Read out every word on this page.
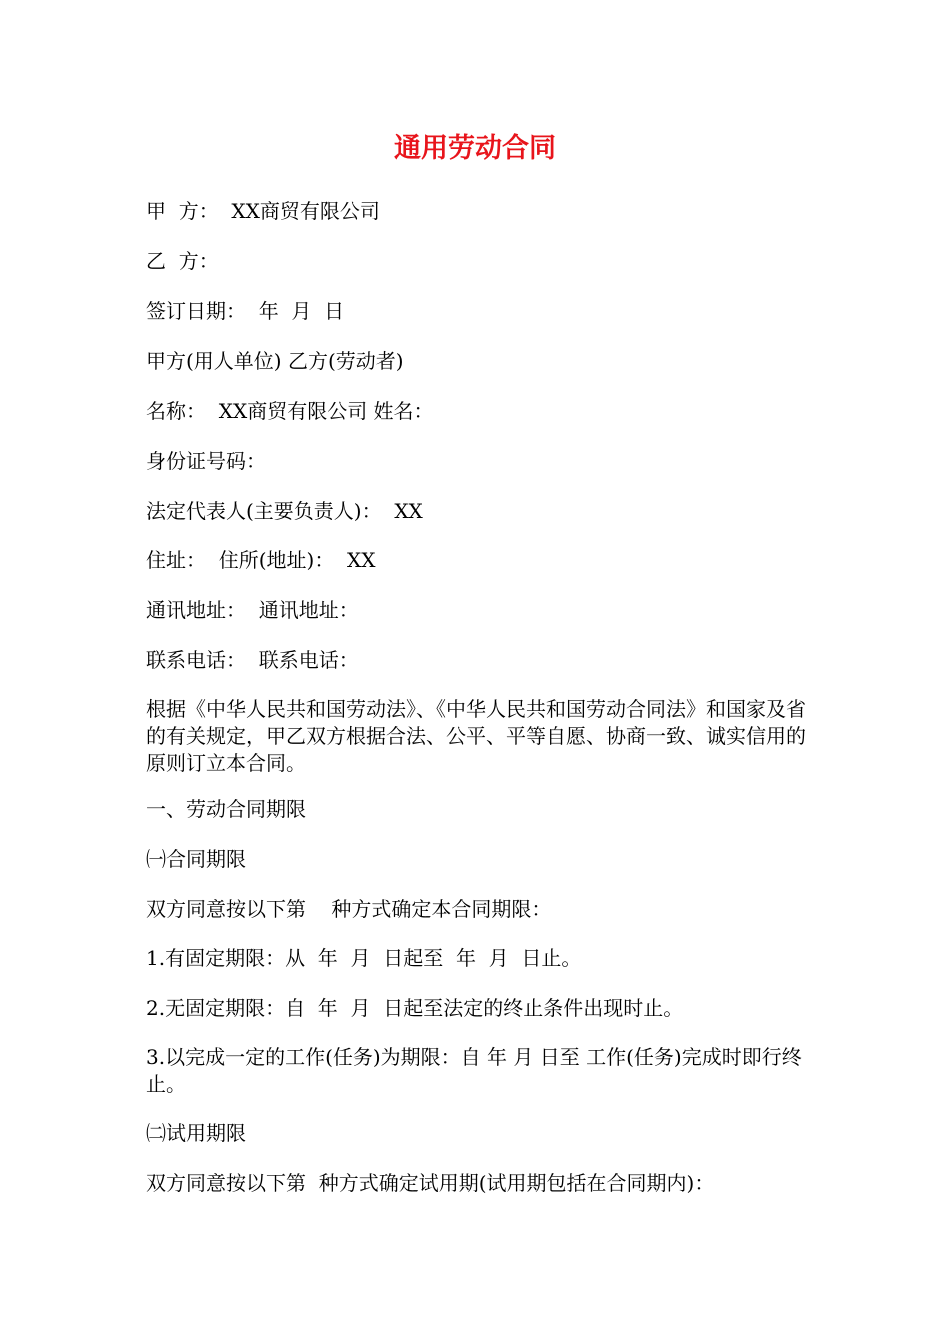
通用劳动合同

甲  方：  XX商贸有限公司

乙  方：

签订日期：  年  月  日

甲方(用人单位) 乙方(劳动者)

名称：  XX商贸有限公司 姓名：

身份证号码：

法定代表人(主要负责人)：  XX

住址：  住所(地址)：  XX

通讯地址：  通讯地址：

联系电话：  联系电话：

根据《中华人民共和国劳动法》、《中华人民共和国劳动合同法》和国家及省的有关规定，甲乙双方根据合法、公平、平等自愿、协商一致、诚实信用的原则订立本合同。

一、劳动合同期限

㈠合同期限

双方同意按以下第    种方式确定本合同期限：

1.有固定期限：从  年  月  日起至  年  月  日止。

2.无固定期限：自  年  月  日起至法定的终止条件出现时止。

3.以完成一定的工作(任务)为期限：自 年 月 日至 工作(任务)完成时即行终止。

㈡试用期限

双方同意按以下第  种方式确定试用期(试用期包括在合同期内)：
